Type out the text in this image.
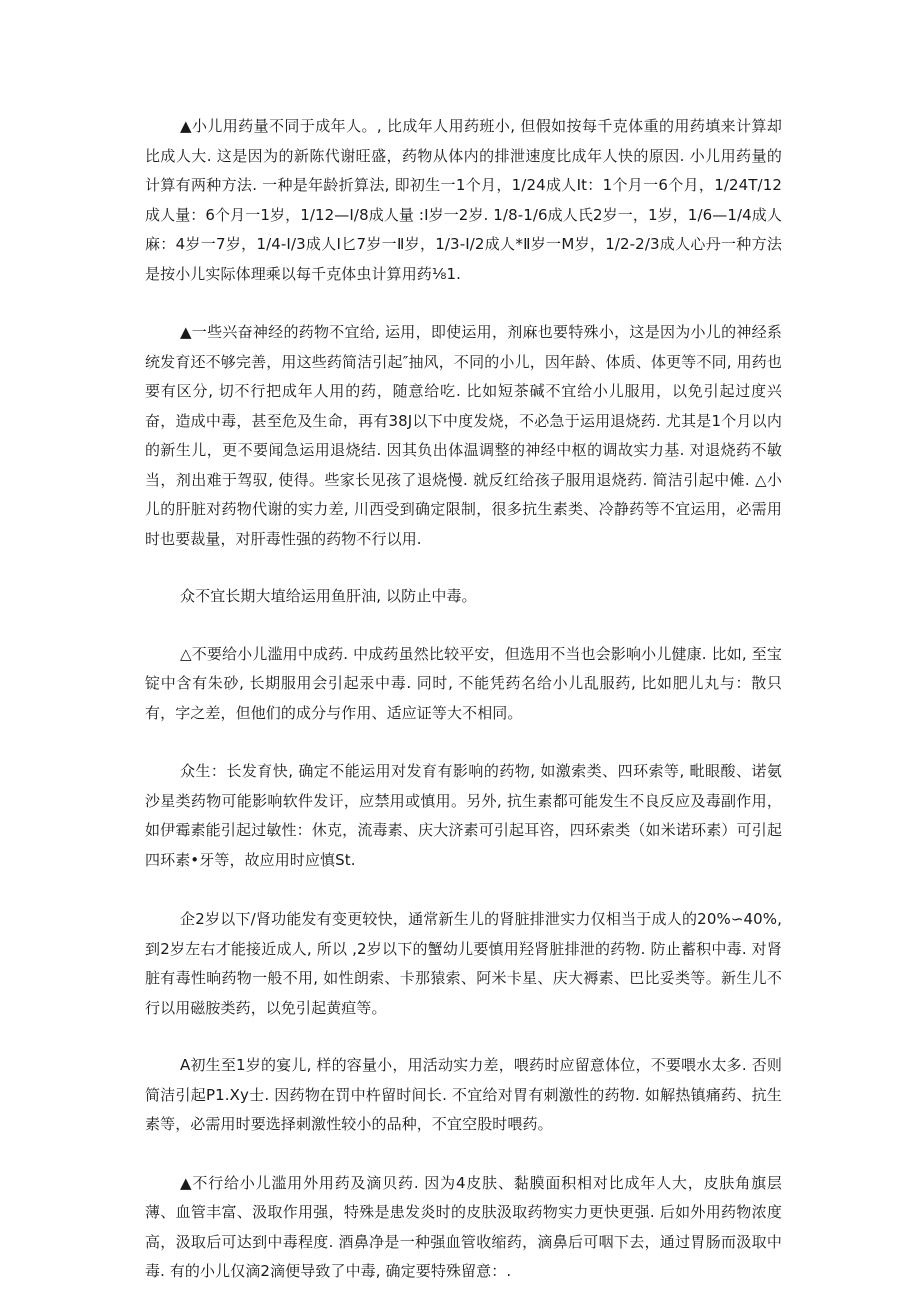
▲小儿用药量不同于成年人。, 比成年人用药班小, 但假如按每千克体重的用药填来计算却比成人大. 这是因为的新陈代谢旺盛，药物从体内的排泄速度比成年人快的原因. 小儿用药量的计算有两种方法. 一种是年龄折算法, 即初生一1个月，1/24成人It：1个月一6个月，1/24T/12成人量：6个月一1岁，1/12—I/8成人量 :I岁一2岁. 1/8-1/6成人氏2岁一，1岁，1/6—1/4成人麻：4岁一7岁，1/4-I/3成人I匕7岁一Ⅱ岁，1/3-I/2成人*Ⅱ岁一M岁，1/2-2/3成人心丹一种方法是按小儿实际体理乘以每千克体虫计算用药⅛1.

▲一些兴奋神经的药物不宜给, 运用，即使运用，剂麻也要特殊小，这是因为小儿的神经系统发育还不够完善，用这些药简洁引起″抽风，不同的小儿，因年龄、体质、体更等不同, 用药也要有区分, 切不行把成年人用的药，随意给吃. 比如短茶碱不宜给小儿服用，以免引起过度兴奋，造成中毒，甚至危及生命，再有38J以下中度发烧，不必急于运用退烧药. 尤其是1个月以内的新生儿，更不要闻急运用退烧结. 因其负出体温调整的神经中枢的调故实力基. 对退烧药不敏当，剂出难于驾驭, 使得。些家长见孩了退烧慢. 就反红给孩子服用退烧药. 简洁引起中傩. △小儿的肝脏对药物代谢的实力差, 川西受到确定限制，很多抗生素类、冷静药等不宜运用，必需用时也要裁量，对肝毒性强的药物不行以用.

众不宜长期大埴给运用鱼肝油, 以防止中毒。

△不要给小儿滥用中成药. 中成药虽然比较平安，但选用不当也会影响小儿健康. 比如, 至宝锭中含有朱砂, 长期服用会引起汞中毒. 同时, 不能凭药名给小儿乱服药, 比如肥儿丸与：散只有，字之差，但他们的成分与作用、适应证等大不相同。

众生：长发育快, 确定不能运用对发育有影响的药物, 如激索类、四环索等, 毗眼酸、诺氨沙星类药物可能影响软件发讦，应禁用或慎用。另外, 抗生素都可能发生不良反应及毒副作用，如伊霉素能引起过敏性：休克，流毒素、庆大济素可引起耳咨，四环索类（如米诺环素）可引起四环素•牙等，故应用时应慎St.

企2岁以下/肾功能发有变更较快，通常新生儿的肾脏排泄实力仅相当于成人的20%∽40%, 到2岁左右才能接近成人, 所以 ,2岁以下的蟹幼儿要慎用羟肾脏排泄的药物. 防止蓄积中毒. 对肾脏有毒性晌药物一般不用, 如性朗索、卡那猿索、阿米卡星、庆大褥素、巴比妥类等。新生儿不行以用磁胺类药，以免引起黄疸等。

A初生至1岁的宴儿, 样的容量小，用活动实力差，喂药时应留意体位，不要喂水太多. 否则简洁引起P1.Xy士. 因药物在罚中杵留时间长. 不宜给对胃有刺激性的药物. 如解热镇痛药、抗生素等，必需用时要选择刺激性较小的品种，不宜空股时喂药。

▲不行给小儿滥用外用药及滴贝药. 因为4皮肤、黏膜面积相对比成年人大，皮肤角旗层薄、血管丰富、汲取作用强，特殊是患发炎时的皮肤汲取药物实力更快更强. 后如外用药物浓度高，汲取后可达到中毒程度. 酒鼻净是一种强血管收缩药，滴鼻后可咽下去，通过胃肠而汲取中毒. 有的小儿仅滴2滴便导致了中毒, 确定要特殊留意：.
